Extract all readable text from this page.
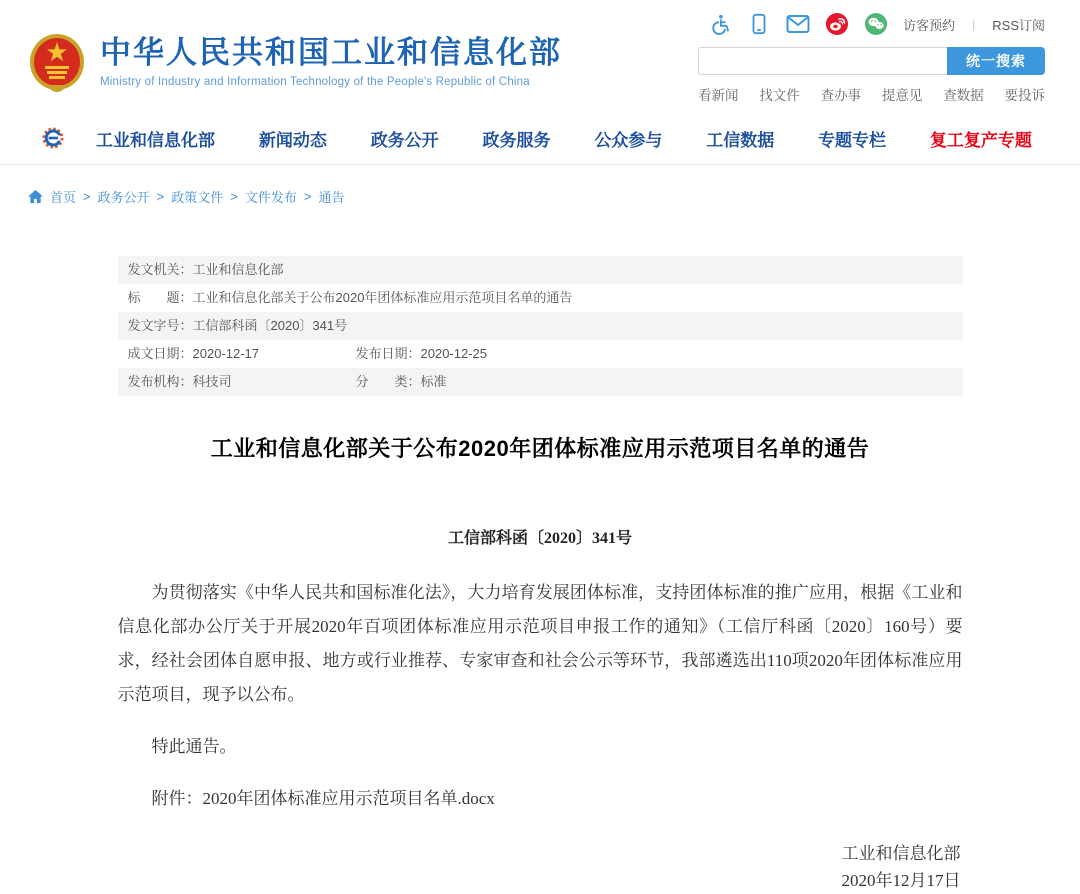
中华人民共和国工业和信息化部
Ministry of Industry and Information Technology of the People's Republic of China
访客预约 | RSS订阅
统一搜索
看新闻 找文件 查办事 提意见 查数据 要投诉
工业和信息化部	新闻动态	政务公开	政务服务	公众参与	工信数据	专题专栏	复工复产专题
首页 > 政务公开 > 政策文件 > 文件发布 > 通告
发文机关： 工业和信息化部
标　　题： 工业和信息化部关于公布2020年团体标准应用示范项目名单的通告
发文字号： 工信部科函〔2020〕341号
成文日期：2020-12-17	发布日期：2020-12-25
发布机构：科技司	分　　类：标准
工业和信息化部关于公布2020年团体标准应用示范项目名单的通告
工信部科函〔2020〕341号

为贯彻落实《中华人民共和国标准化法》，大力培育发展团体标准，支持团体标准的推广应用，根据《工业和信息化部办公厅关于开展2020年百项团体标准应用示范项目申报工作的通知》（工信厅科函〔2020〕160号）要求，经社会团体自愿申报、地方或行业推荐、专家审查和社会公示等环节，我部遴选出110项2020年团体标准应用示范项目，现予以公布。

特此通告。

附件：2020年团体标准应用示范项目名单.docx
工业和信息化部
2020年12月17日
